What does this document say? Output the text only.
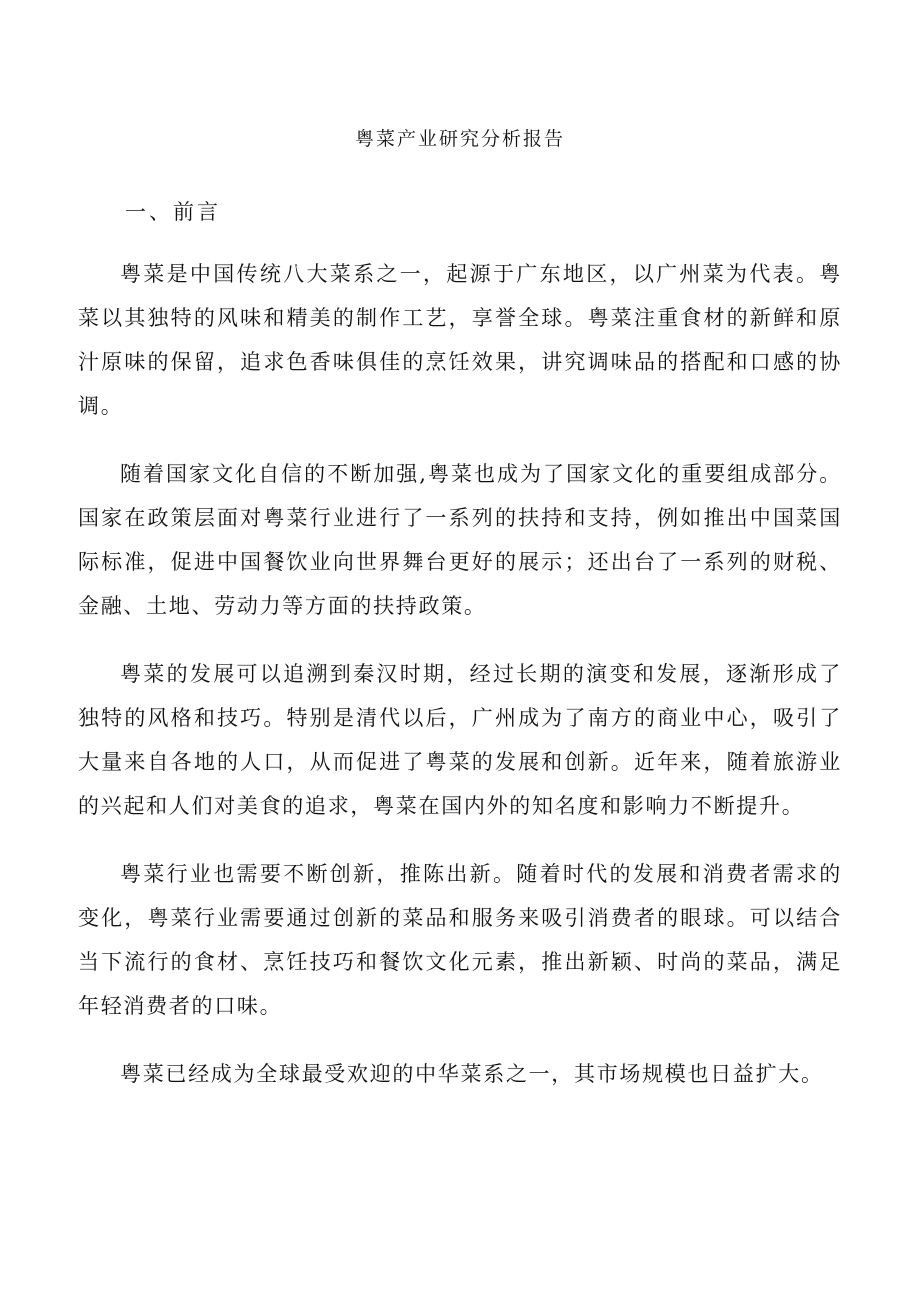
粤菜产业研究分析报告
一、前言

粤菜是中国传统八大菜系之一，起源于广东地区，以广州菜为代表。粤菜以其独特的风味和精美的制作工艺，享誉全球。粤菜注重食材的新鲜和原汁原味的保留，追求色香味俱佳的烹饪效果，讲究调味品的搭配和口感的协调。

随着国家文化自信的不断加强,粤菜也成为了国家文化的重要组成部分。国家在政策层面对粤菜行业进行了一系列的扶持和支持，例如推出中国菜国际标准，促进中国餐饮业向世界舞台更好的展示；还出台了一系列的财税、金融、土地、劳动力等方面的扶持政策。

粤菜的发展可以追溯到秦汉时期，经过长期的演变和发展，逐渐形成了独特的风格和技巧。特别是清代以后，广州成为了南方的商业中心，吸引了大量来自各地的人口，从而促进了粤菜的发展和创新。近年来，随着旅游业的兴起和人们对美食的追求，粤菜在国内外的知名度和影响力不断提升。

粤菜行业也需要不断创新，推陈出新。随着时代的发展和消费者需求的变化，粤菜行业需要通过创新的菜品和服务来吸引消费者的眼球。可以结合当下流行的食材、烹饪技巧和餐饮文化元素，推出新颖、时尚的菜品，满足年轻消费者的口味。

粤菜已经成为全球最受欢迎的中华菜系之一，其市场规模也日益扩大。
